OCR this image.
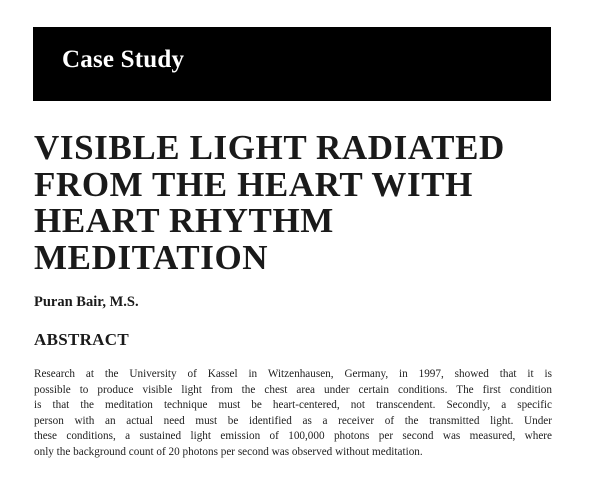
Case Study
VISIBLE LIGHT RADIATED
FROM THE HEART WITH
HEART RHYTHM
MEDITATION
Puran Bair, M.S.
ABSTRACT
Research at the University of Kassel in Witzenhausen, Germany, in 1997, showed that it is
possible to produce visible light from the chest area under certain conditions. The first condition
is that the meditation technique must be heart-centered, not transcendent. Secondly, a specific
person with an actual need must be identified as a receiver of the transmitted light. Under
these conditions, a sustained light emission of 100,000 photons per second was measured, where
only the background count of 20 photons per second was observed without meditation.
